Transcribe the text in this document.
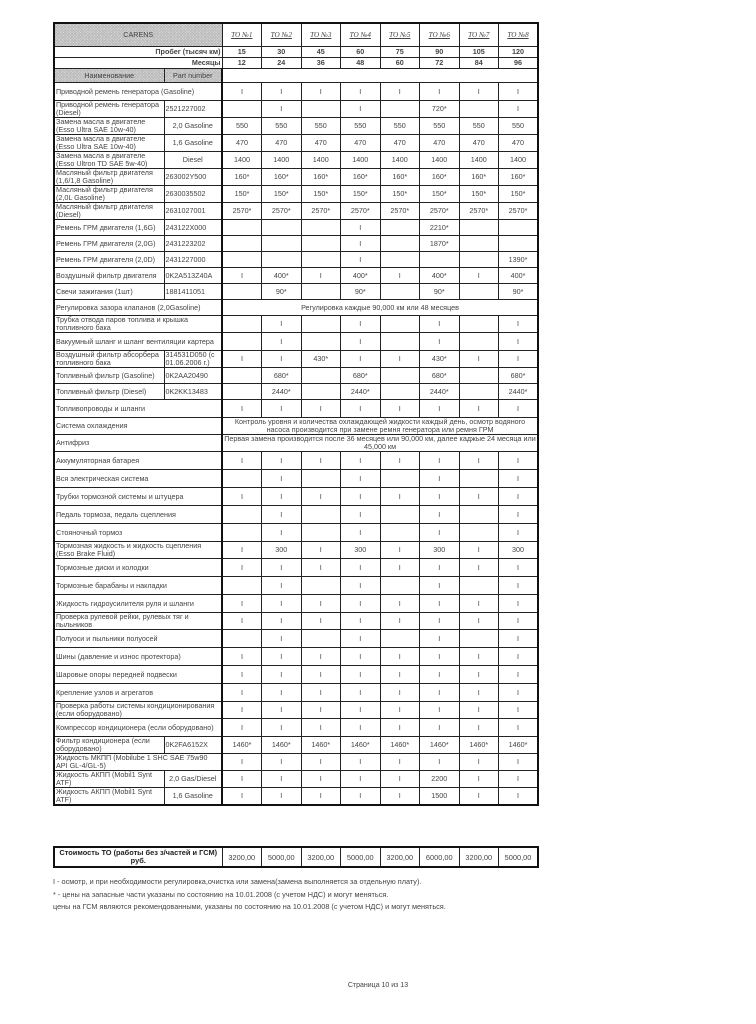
CARENS		ТО №1	ТО №2	ТО №3	ТО №4	ТО №5	ТО №6	ТО №7	ТО №8
Пробег (тысяч км)		15	30	45	60	75	90	105	120
Месяцы		12	24	36	48	60	72	84	96
Наименование	Part number								
Приводной ремень генератора (Gasoline)		I	I	I	I	I	I	I	I
Приводной ремень генератора (Diesel)	2521227002		I		I		720*		I
Замена масла в двигателе (Esso Ultra SAE 10w-40)	2,0 Gasoline	550	550	550	550	550	550	550	550
Замена масла в двигателе (Esso Ultra SAE 10w-40)	1,6 Gasoline	470	470	470	470	470	470	470	470
Замена масла в двигателе (Esso Ultron TD SAE 5w-40)	Diesel	1400	1400	1400	1400	1400	1400	1400	1400
Масляный фильтр двигателя (1,6/1,8 Gasoline)	263002Y500	160*	160*	160*	160*	160*	160*	160*	160*
Масляный фильтр двигателя (2,0L Gasoline)	2630035502	150*	150*	150*	150*	150*	150*	150*	150*
Масляный фильтр двигателя (Diesel)	2631027001	2570*	2570*	2570*	2570*	2570*	2570*	2570*	2570*
Ремень ГРМ двигателя (1,6G)	243122X000				I		2210*		
Ремень ГРМ двигателя (2,0G)	2431223202				I		1870*		
Ремень ГРМ двигателя (2,0D)	2431227000				I				1390*
Воздушный фильтр двигателя	0K2A513Z40A	I	400*	I	400*	I	400*	I	400*
Свечи зажигания (1шт)	1881411051		90*		90*		90*		90*
Регулировка зазора клапанов (2,0Gasoline)		Регулировка каждые 90,000 км или 48 месяцев							
Трубка отвода паров топлива и крышка топливного бака			I		I		I		I
Вакуумный шланг и шланг вентиляции картера			I		I		I		I
Воздушный фильтр абсорбера топливного бака	314531D050 (с 01.06.2006 г.)	I	I	430*	I	I	430*	I	I
Топливный фильтр (Gasoline)	0K2AA20490		680*		680*		680*		680*
Топливный фильтр (Diesel)	0K2KK13483		2440*		2440*		2440*		2440*
Топливопроводы и шланги		I	I	I	I	I	I	I	I
Система охлаждения		Контроль уровня и количества охлаждающей жидкости каждый день, осмотр водяного насоса производится при замене ремня генератора или ремня ГРМ							
Антифриз		Первая замена производится после 36 месяцев или 90,000 км, далее каджые 24 месяца или 45,000 км							
Аккумуляторная батарея		I	I	I	I	I	I	I	I
Вся электрическая система			I		I		I		I
Трубки тормозной системы и штуцера		I	I	I	I	I	I	I	I
Педаль тормоза, педаль сцепления			I		I		I		I
Стояночный тормоз			I		I		I		I
Тормозная жидкость и жидкость сцепления (Esso Brake Fluid)		I	300	I	300	I	300	I	300
Тормозные диски и колодки		I	I	I	I	I	I	I	I
Тормозные барабаны и накладки			I		I		I		I
Жидкость гидроусилителя руля и шланги		I	I	I	I	I	I	I	I
Проверка рулевой рейки, рулевых тяг и пыльников		I	I	I	I	I	I	I	I
Полуоси и пыльники полуосей			I		I		I		I
Шины (давление и износ протектора)		I	I	I	I	I	I	I	I
Шаровые опоры передней подвески		I	I	I	I	I	I	I	I
Крепление узлов и агрегатов		I	I	I	I	I	I	I	I
Проверка работы системы кондиционирования (если оборудовано)		I	I	I	I	I	I	I	I
Компрессор кондиционера (если оборудовано)		I	I	I	I	I	I	I	I
Фильтр кондиционера (если оборудовано)	0K2FA6152X	1460*	1460*	1460*	1460*	1460*	1460*	1460*	1460*
Жидкость МКПП (Mobilube 1 SHC SAE 75w90 API GL-4/GL-5)		I	I	I	I	I	I	I	I
Жидкость АКПП (Mobil1 Synt ATF)	2,0 Gas/Diesel	I	I	I	I	I	2200	I	I
Жидкость АКПП (Mobil1 Synt ATF)	1,6 Gasoline	I	I	I	I	I	1500	I	I
Стоимость ТО (работы без з/частей и ГСМ) руб.	3200,00	5000,00	3200,00	5000,00	3200,00	6000,00	3200,00	5000,00
I - осмотр, и при необходимости регулировка,очистка или замена(замена выполняется за отдельную плату).
* - цены на запасные части указаны по состоянию на 10.01.2008 (с учетом НДС) и могут меняться.
цены на ГСМ являются рекомендованными, указаны по состоянию на 10.01.2008 (с учетом НДС) и могут меняться.
Страница 10 из 13
